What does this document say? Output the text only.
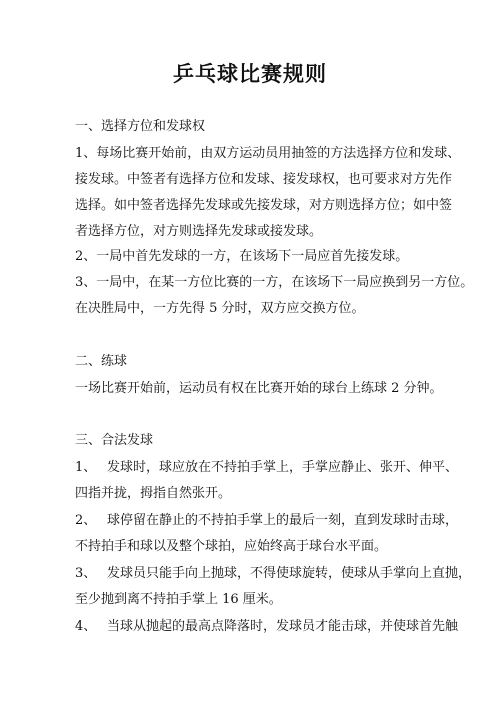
乒乓球比赛规则

一、选择方位和发球权

1、每场比赛开始前，由双方运动员用抽签的方法选择方位和发球、

接发球。中签者有选择方位和发球、接发球权，也可要求对方先作

选择。如中签者选择先发球或先接发球，对方则选择方位；如中签

者选择方位，对方则选择先发球或接发球。

2、一局中首先发球的一方，在该场下一局应首先接发球。

3、一局中，在某一方位比赛的一方，在该场下一局应换到另一方位。

在决胜局中，一方先得 5 分时，双方应交换方位。

二、练球

一场比赛开始前，运动员有权在比赛开始的球台上练球 2 分钟。

三、合法发球

1、 发球时，球应放在不持拍手掌上，手掌应静止、张开、伸平、

四指并拢，拇指自然张开。

2、 球停留在静止的不持拍手掌上的最后一刻，直到发球时击球，

不持拍手和球以及整个球拍，应始终高于球台水平面。

3、 发球员只能手向上抛球，不得使球旋转，使球从手掌向上直抛，

至少抛到离不持拍手掌上 16 厘米。

4、 当球从抛起的最高点降落时，发球员才能击球，并使球首先触
